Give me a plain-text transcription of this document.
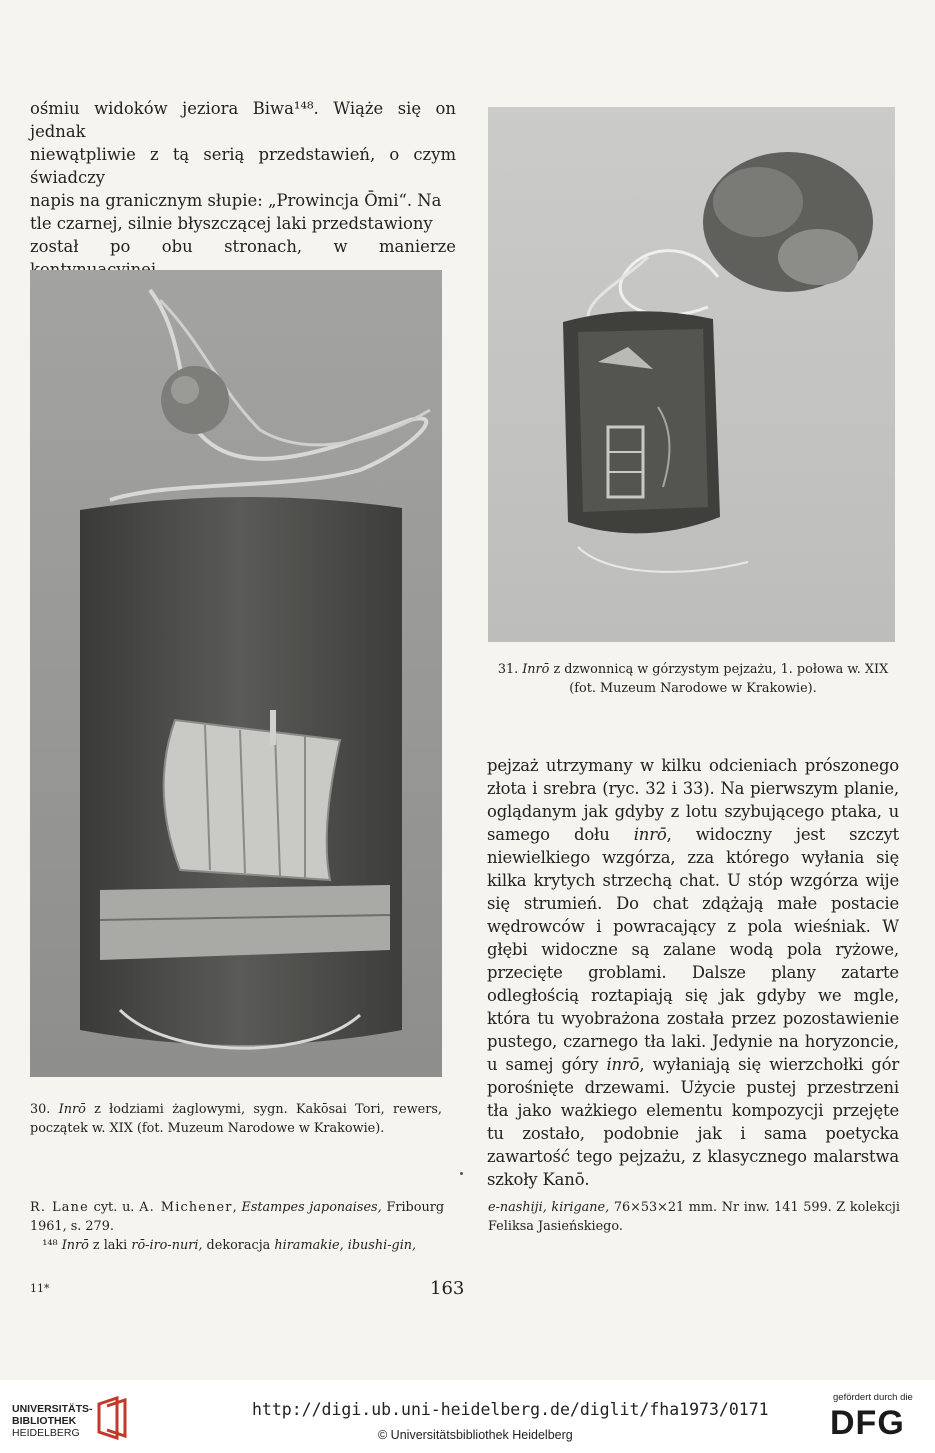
ośmiu widoków jeziora Biwa¹⁴⁸. Wiąże się on jednak

niewątpliwie z tą serią przedstawień, o czym świadczy

napis na granicznym słupie: „Prowincja Ōmi“. Na

tle czarnej, silnie błyszczącej laki przedstawiony

został po obu stronach, w manierze

30. Inrō z łodziami żaglowymi, sygn. Kakōsai Tori, rewers, początek w. XIX (fot. Muzeum Narodowe w Krakowie).
31. Inrō z dzwonnicą w górzystym pejzażu, 1. połowa w. XIX
(fot. Muzeum Narodowe w Krakowie).

pejzaż utrzymany w kilku odcieniach prószonego złota i srebra (ryc. 32 i 33). Na pierwszym planie, oglądanym jak gdyby z lotu szybującego ptaka, u samego dołu inrō, widoczny jest szczyt niewielkiego wzgórza, zza którego wyłania się kilka krytych strzechą chat. U stóp wzgórza wije się strumień. Do chat zdążają małe postacie wędrowców i powracający z pola wieśniak. W głębi widoczne są zalane wodą pola ryżowe, przecięte groblami. Dalsze plany zatarte odległością roztapiają się jak gdyby we mgle, która tu wyobrażona została przez pozostawienie pustego, czarnego tła laki. Jedynie na horyzoncie, u samej góry inrō, wyłaniają się wierzchołki gór porośnięte drzewami. Użycie pustej przestrzeni tła jako ważkiego elementu kompozycji przejęte tu zostało, podobnie jak i sama poetycka zawartość tego pejzażu, z klasycznego malarstwa szkoły Kanō.

R. Lane cyt. u. A. Michener, Estampes japonaises, Fribourg 1961, s. 279.
¹⁴⁸ Inrō z laki rō-iro-nuri, dekoracja hiramakie, ibushi-gin,
e-nashiji, kirigane, 76×53×21 mm. Nr inw. 141 599. Z kolekcji Feliksa Jasieńskiego.
11*	163
UNIVERSITÄTS-
BIBLIOTHEK
HEIDELBERG
http://digi.ub.uni-heidelberg.de/diglit/fha1973/0171
© Universitätsbibliothek Heidelberg
gefördert durch die
DFG
